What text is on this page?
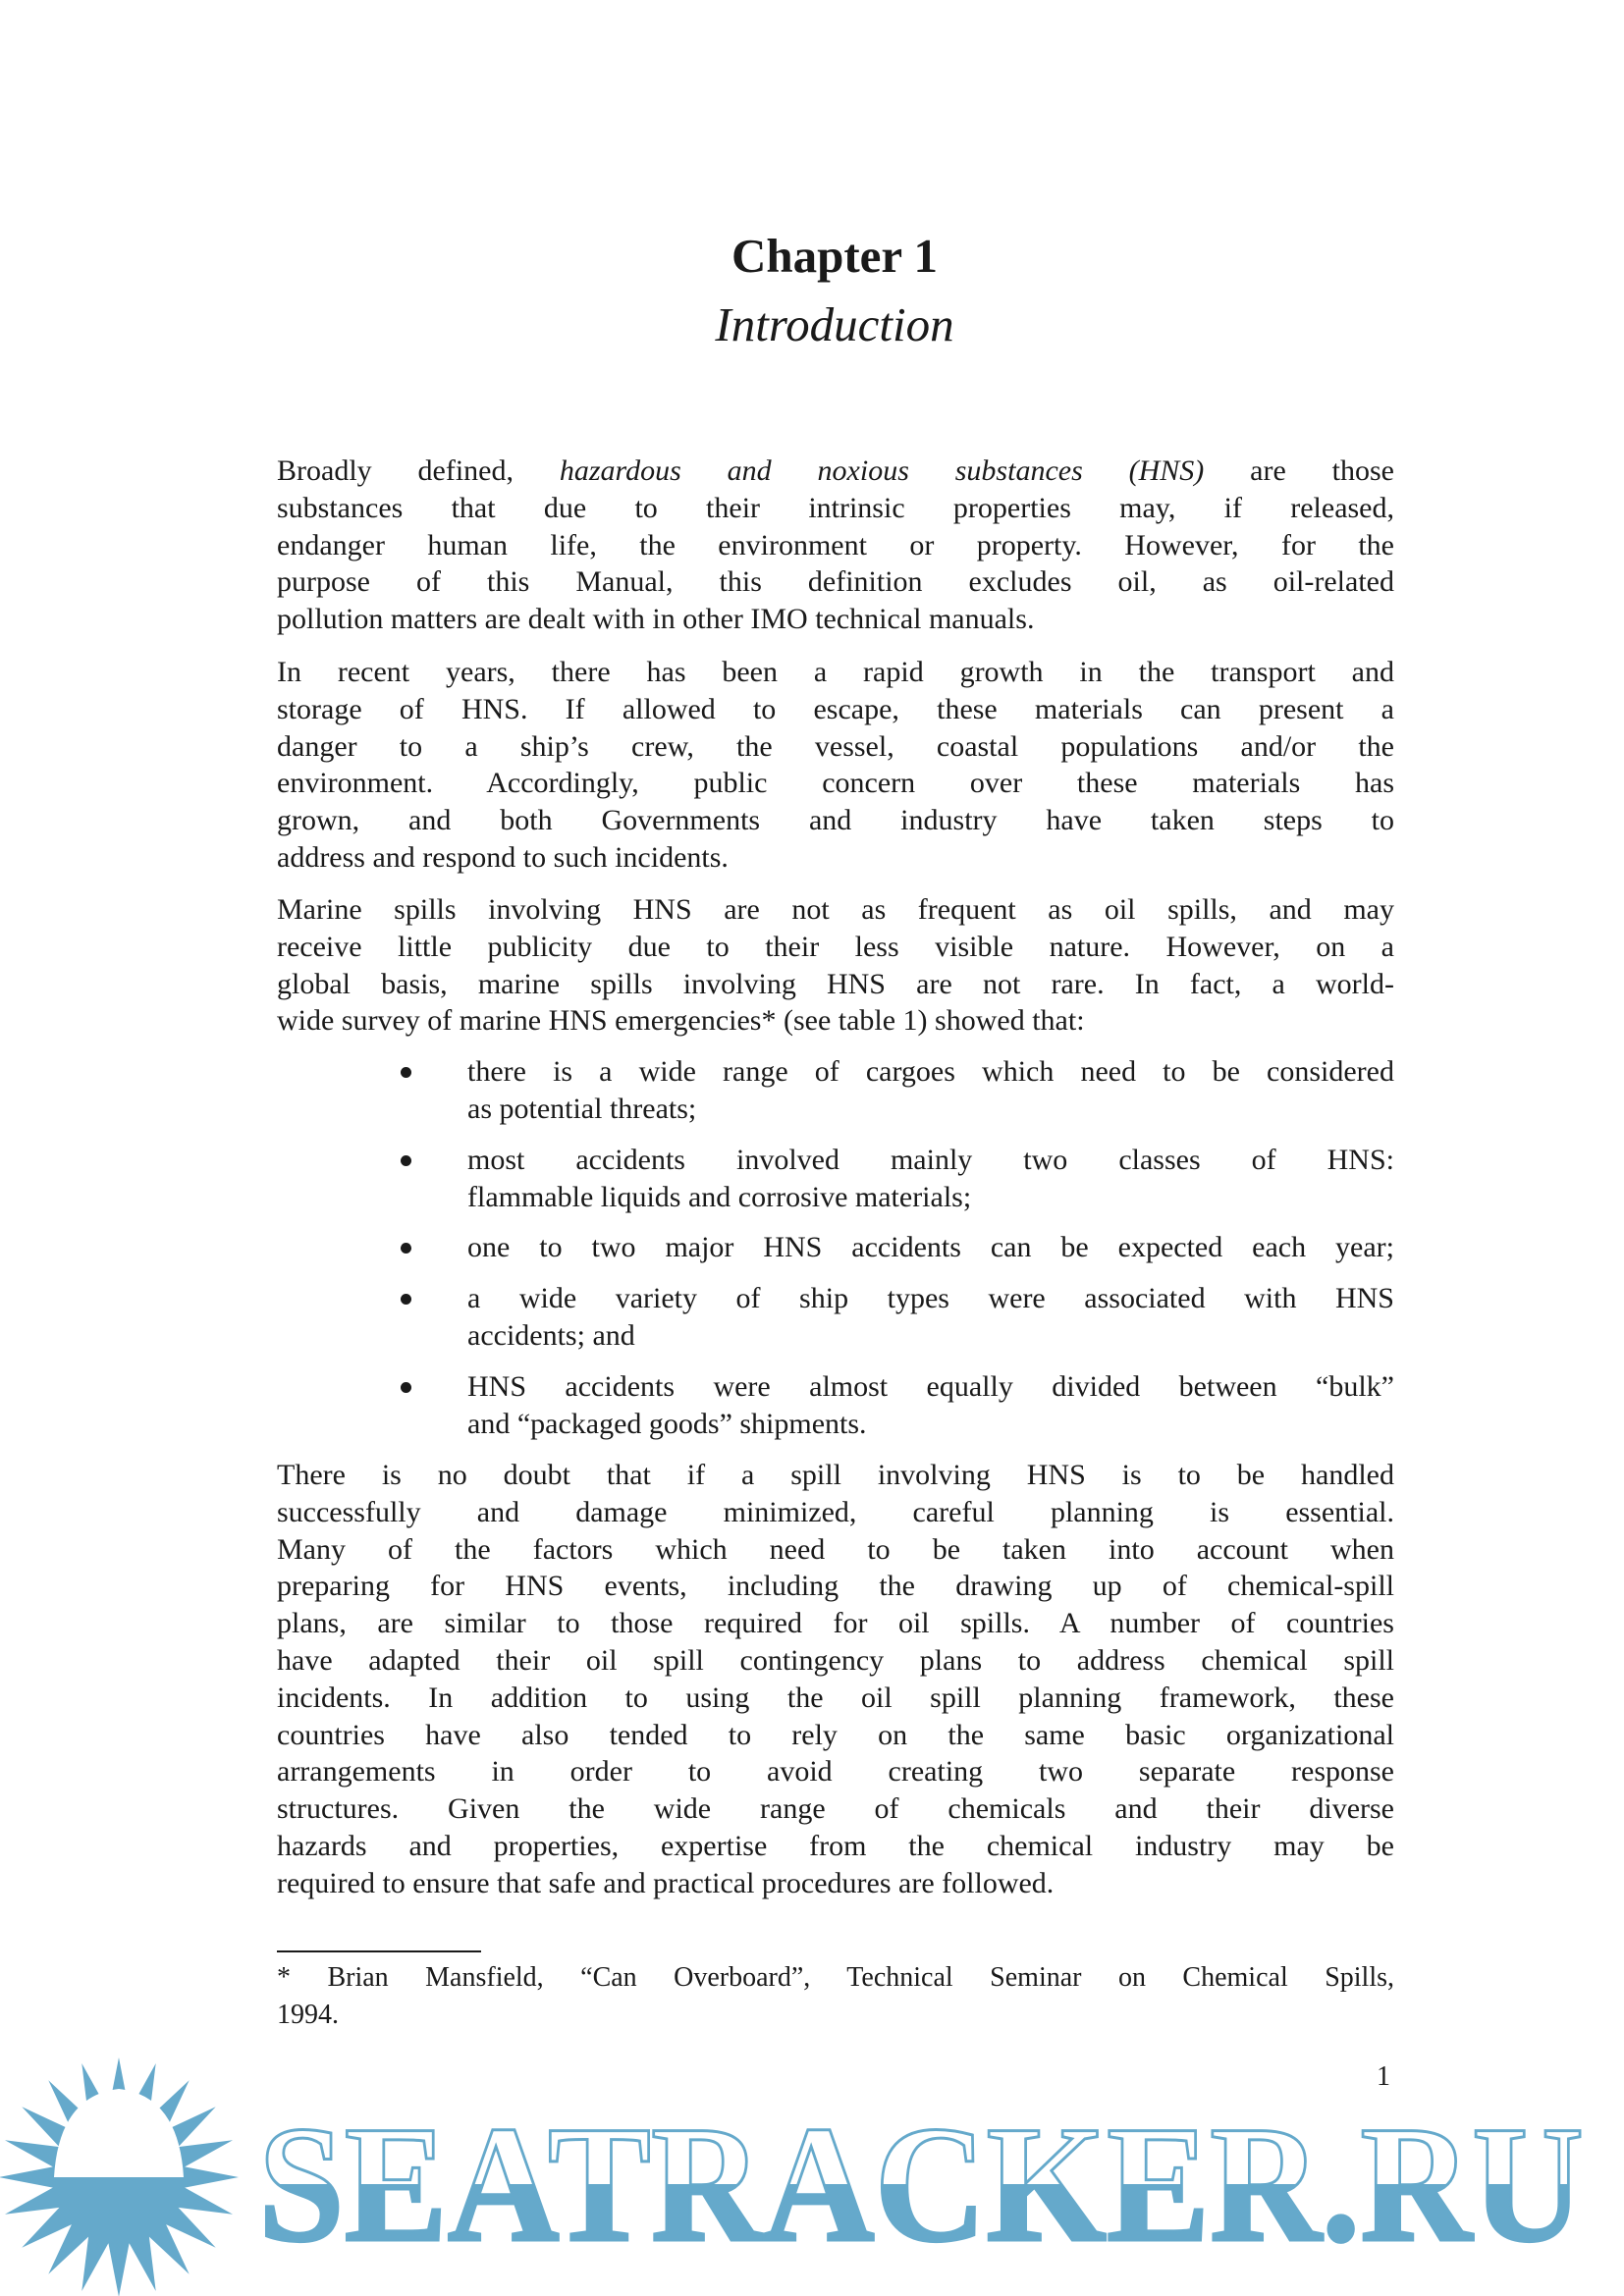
Chapter 1
Introduction
Broadly defined, hazardous and noxious substances (HNS) are those
substances that due to their intrinsic properties may, if released,
endanger human life, the environment or property. However, for the
purpose of this Manual, this definition excludes oil, as oil-related
pollution matters are dealt with in other IMO technical manuals.
In recent years, there has been a rapid growth in the transport and
storage of HNS. If allowed to escape, these materials can present a
danger to a ship’s crew, the vessel, coastal populations and/or the
environment. Accordingly, public concern over these materials has
grown, and both Governments and industry have taken steps to
address and respond to such incidents.
Marine spills involving HNS are not as frequent as oil spills, and may
receive little publicity due to their less visible nature. However, on a
global basis, marine spills involving HNS are not rare. In fact, a world-
wide survey of marine HNS emergencies* (see table 1) showed that:
there is a wide range of cargoes which need to be considered
as potential threats;
most accidents involved mainly two classes of HNS:
flammable liquids and corrosive materials;
one to two major HNS accidents can be expected each year;
a wide variety of ship types were associated with HNS
accidents; and
HNS accidents were almost equally divided between “bulk”
and “packaged goods” shipments.
There is no doubt that if a spill involving HNS is to be handled
successfully and damage minimized, careful planning is essential.
Many of the factors which need to be taken into account when
preparing for HNS events, including the drawing up of chemical-spill
plans, are similar to those required for oil spills. A number of countries
have adapted their oil spill contingency plans to address chemical spill
incidents. In addition to using the oil spill planning framework, these
countries have also tended to rely on the same basic organizational
arrangements in order to avoid creating two separate response
structures. Given the wide range of chemicals and their diverse
hazards and properties, expertise from the chemical industry may be
required to ensure that safe and practical procedures are followed.
* Brian Mansfield, “Can Overboard”, Technical Seminar on Chemical Spills,
1994.
1
SEATRACKER.RU
